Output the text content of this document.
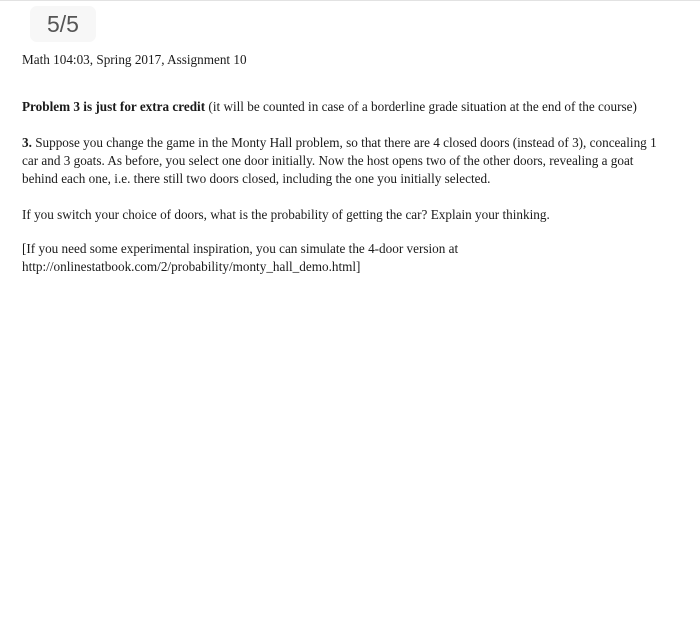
5/5

Math 104:03, Spring 2017, Assignment 10

Problem 3 is just for extra credit (it will be counted in case of a borderline grade situation at the end of the course)

3. Suppose you change the game in the Monty Hall problem, so that there are 4 closed doors (instead of 3), concealing 1 car and 3 goats. As before, you select one door initially. Now the host opens two of the other doors, revealing a goat behind each one, i.e. there still two doors closed, including the one you initially selected.

If you switch your choice of doors, what is the probability of getting the car? Explain your thinking.

[If you need some experimental inspiration, you can simulate the 4-door version at
http://onlinestatbook.com/2/probability/monty_hall_demo.html]
